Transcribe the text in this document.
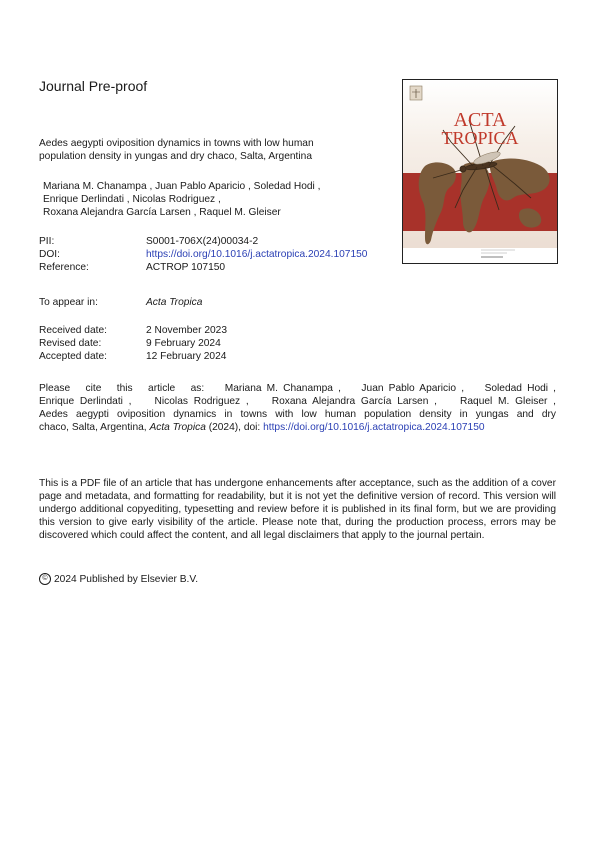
Journal Pre-proof
Aedes aegypti oviposition dynamics in towns with low human
population density in yungas and dry chaco, Salta, Argentina
Mariana M. Chanampa , Juan Pablo Aparicio , Soledad Hodi ,
Enrique Derlindati , Nicolas Rodriguez ,
Roxana Alejandra García Larsen , Raquel M. Gleiser
PII:	S0001-706X(24)00034-2
DOI:	https://doi.org/10.1016/j.actatropica.2024.107150
Reference:	ACTROP 107150
To appear in:	Acta Tropica
Received date:	2 November 2023
Revised date:	9 February 2024
Accepted date:	12 February 2024
Please   cite   this   article   as:    Mariana M. Chanampa ,    Juan Pablo Aparicio ,    Soledad Hodi ,
Enrique Derlindati ,    Nicolas Rodriguez ,    Roxana Alejandra García Larsen ,    Raquel M. Gleiser ,
Aedes aegypti oviposition dynamics in towns with low human population density in yungas and dry
chaco, Salta, Argentina, Acta Tropica (2024), doi: https://doi.org/10.1016/j.actatropica.2024.107150
This is a PDF file of an article that has undergone enhancements after acceptance, such as the addition of a cover page and metadata, and formatting for readability, but it is not yet the definitive version of record. This version will undergo additional copyediting, typesetting and review before it is published in its final form, but we are providing this version to give early visibility of the article. Please note that, during the production process, errors may be discovered which could affect the content, and all legal disclaimers that apply to the journal pertain.
© 2024 Published by Elsevier B.V.
ACTA
TROPICA
